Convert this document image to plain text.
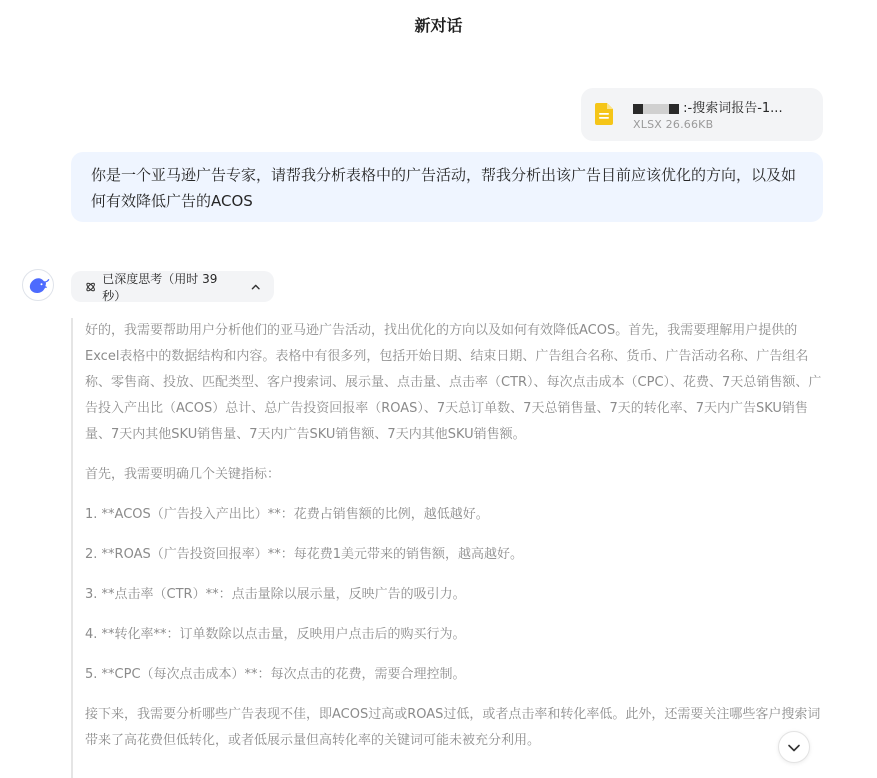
新对话
:-搜索词报告-1...
XLSX 26.66KB
你是一个亚马逊广告专家，请帮我分析表格中的广告活动，帮我分析出该广告目前应该优化的方向，以及如何有效降低广告的ACOS
已深度思考（用时 39 秒）

好的，我需要帮助用户分析他们的亚马逊广告活动，找出优化的方向以及如何有效降低ACOS。首先，我需要理解用户提供的Excel表格中的数据结构和内容。表格中有很多列，包括开始日期、结束日期、广告组合名称、货币、广告活动名称、广告组名称、零售商、投放、匹配类型、客户搜索词、展示量、点击量、点击率（CTR）、每次点击成本（CPC）、花费、7天总销售额、广告投入产出比（ACOS）总计、总广告投资回报率（ROAS）、7天总订单数、7天总销售量、7天的转化率、7天内广告SKU销售量、7天内其他SKU销售量、7天内广告SKU销售额、7天内其他SKU销售额。

首先，我需要明确几个关键指标：

1. **ACOS（广告投入产出比）**：花费占销售额的比例，越低越好。

2. **ROAS（广告投资回报率）**：每花费1美元带来的销售额，越高越好。

3. **点击率（CTR）**：点击量除以展示量，反映广告的吸引力。

4. **转化率**：订单数除以点击量，反映用户点击后的购买行为。

5. **CPC（每次点击成本）**：每次点击的花费，需要合理控制。

接下来，我需要分析哪些广告表现不佳，即ACOS过高或ROAS过低，或者点击率和转化率低。此外，还需要关注哪些客户搜索词带来了高花费但低转化，或者低展示量但高转化率的关键词可能未被充分利用。
